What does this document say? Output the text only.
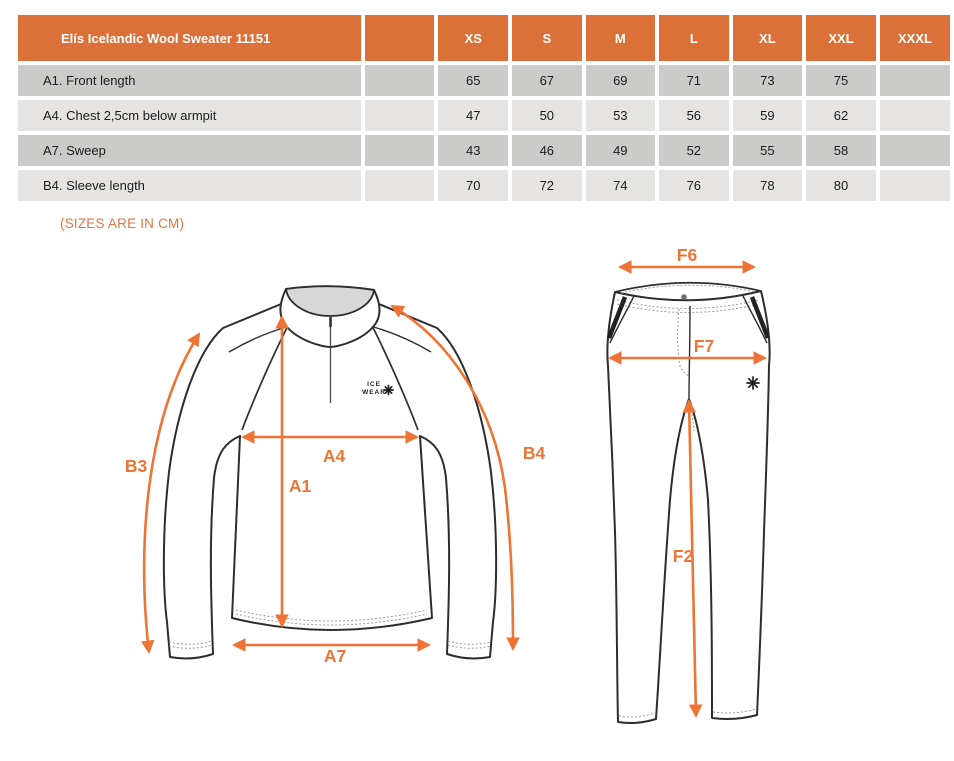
Elís Icelandic Wool Sweater 11151		XS	S	M	L	XL	XXL	XXXL
A1. Front length		65	67	69	71	73	75	
A4. Chest 2,5cm below armpit		47	50	53	56	59	62	
A7. Sweep		43	46	49	52	55	58	
B4. Sleeve length		70	72	74	76	78	80	
(SIZES ARE IN CM)
ICE
WEAR
B3	A4
A1
A7
B4
F6
F7
F2
